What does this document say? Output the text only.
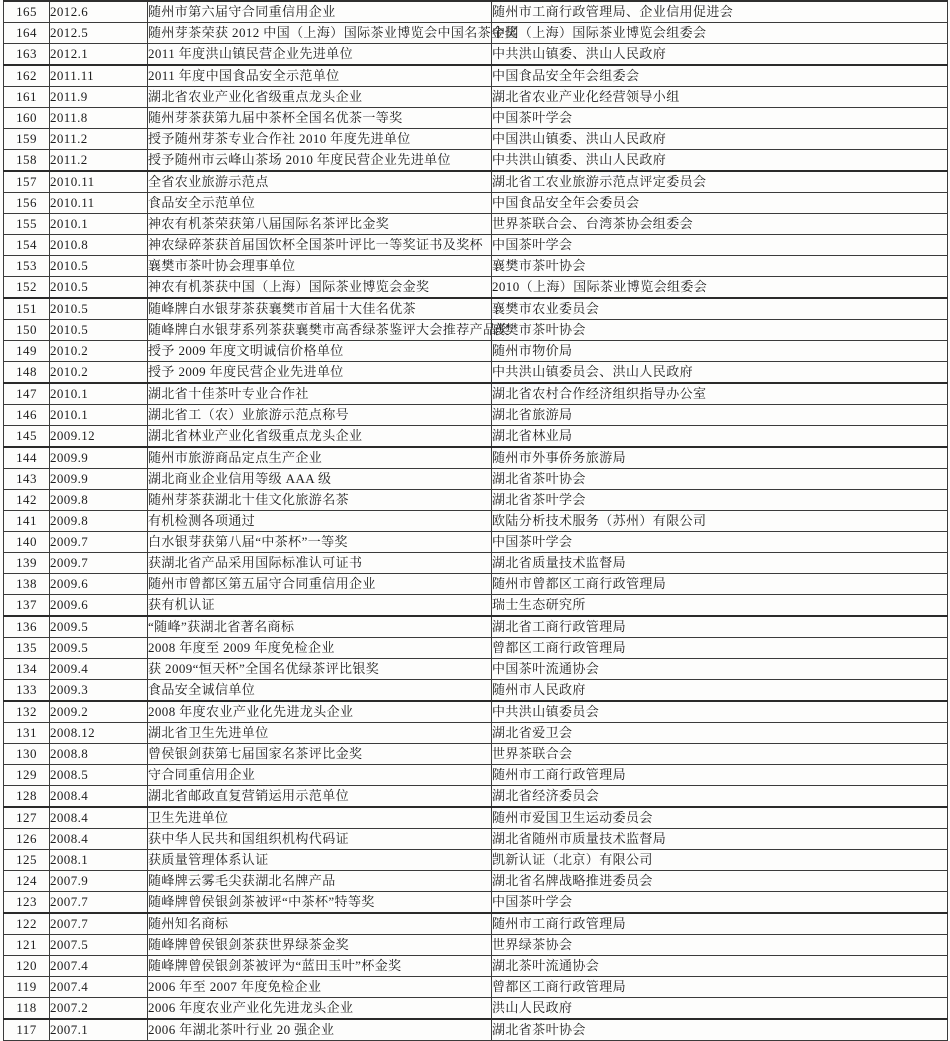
165	2012.6	随州市第六届守合同重信用企业	随州市工商行政管理局、企业信用促进会
164	2012.5	随州芽茶荣获 2012 中国（上海）国际茶业博览会中国名茶金奖	中国（上海）国际茶业博览会组委会
163	2012.1	2011 年度洪山镇民营企业先进单位	中共洪山镇委、洪山人民政府
162	2011.11	2011 年度中国食品安全示范单位	中国食品安全年会组委会
161	2011.9	湖北省农业产业化省级重点龙头企业	湖北省农业产业化经营领导小组
160	2011.8	随州芽茶获第九届中茶杯全国名优茶一等奖	中国茶叶学会
159	2011.2	授予随州芽茶专业合作社 2010 年度先进单位	中国洪山镇委、洪山人民政府
158	2011.2	授予随州市云峰山茶场 2010 年度民营企业先进单位	中共洪山镇委、洪山人民政府
157	2010.11	全省农业旅游示范点	湖北省工农业旅游示范点评定委员会
156	2010.11	食品安全示范单位	中国食品安全年会委员会
155	2010.1	神农有机茶荣获第八届国际名茶评比金奖	世界茶联合会、台湾茶协会组委会
154	2010.8	神农绿碎茶获首届国饮杯全国茶叶评比一等奖证书及奖杯	中国茶叶学会
153	2010.5	襄樊市茶叶协会理事单位	襄樊市茶叶协会
152	2010.5	神农有机茶获中国（上海）国际茶业博览会金奖	2010（上海）国际茶业博览会组委会
151	2010.5	随峰牌白水银芽茶获襄樊市首届十大佳名优茶	襄樊市农业委员会
150	2010.5	随峰牌白水银芽系列茶获襄樊市高香绿茶鉴评大会推荐产品奖	襄樊市茶叶协会
149	2010.2	授予 2009 年度文明诚信价格单位	随州市物价局
148	2010.2	授予 2009 年度民营企业先进单位	中共洪山镇委员会、洪山人民政府
147	2010.1	湖北省十佳茶叶专业合作社	湖北省农村合作经济组织指导办公室
146	2010.1	湖北省工（农）业旅游示范点称号	湖北省旅游局
145	2009.12	湖北省林业产业化省级重点龙头企业	湖北省林业局
144	2009.9	随州市旅游商品定点生产企业	随州市外事侨务旅游局
143	2009.9	湖北商业企业信用等级 AAA 级	湖北省茶叶协会
142	2009.8	随州芽茶获湖北十佳文化旅游名茶	湖北省茶叶学会
141	2009.8	有机检测各项通过	欧陆分析技术服务（苏州）有限公司
140	2009.7	白水银芽获第八届“中茶杯”一等奖	中国茶叶学会
139	2009.7	获湖北省产品采用国际标准认可证书	湖北省质量技术监督局
138	2009.6	随州市曾都区第五届守合同重信用企业	随州市曾都区工商行政管理局
137	2009.6	获有机认证	瑞士生态研究所
136	2009.5	“随峰”获湖北省著名商标	湖北省工商行政管理局
135	2009.5	2008 年度至 2009 年度免检企业	曾都区工商行政管理局
134	2009.4	获 2009“恒天杯”全国名优绿茶评比银奖	中国茶叶流通协会
133	2009.3	食品安全诚信单位	随州市人民政府
132	2009.2	2008 年度农业产业化先进龙头企业	中共洪山镇委员会
131	2008.12	湖北省卫生先进单位	湖北省爱卫会
130	2008.8	曾侯银剑获第七届国家名茶评比金奖	世界茶联合会
129	2008.5	守合同重信用企业	随州市工商行政管理局
128	2008.4	湖北省邮政直复营销运用示范单位	湖北省经济委员会
127	2008.4	卫生先进单位	随州市爱国卫生运动委员会
126	2008.4	获中华人民共和国组织机构代码证	湖北省随州市质量技术监督局
125	2008.1	获质量管理体系认证	凯新认证（北京）有限公司
124	2007.9	随峰牌云雾毛尖获湖北名牌产品	湖北省名牌战略推进委员会
123	2007.7	随峰牌曾侯银剑茶被评“中茶杯”特等奖	中国茶叶学会
122	2007.7	随州知名商标	随州市工商行政管理局
121	2007.5	随峰牌曾侯银剑茶获世界绿茶金奖	世界绿茶协会
120	2007.4	随峰牌曾侯银剑茶被评为“蓝田玉叶”杯金奖	湖北茶叶流通协会
119	2007.4	2006 年至 2007 年度免检企业	曾都区工商行政管理局
118	2007.2	2006 年度农业产业化先进龙头企业	洪山人民政府
117	2007.1	2006 年湖北茶叶行业 20 强企业	湖北省茶叶协会
